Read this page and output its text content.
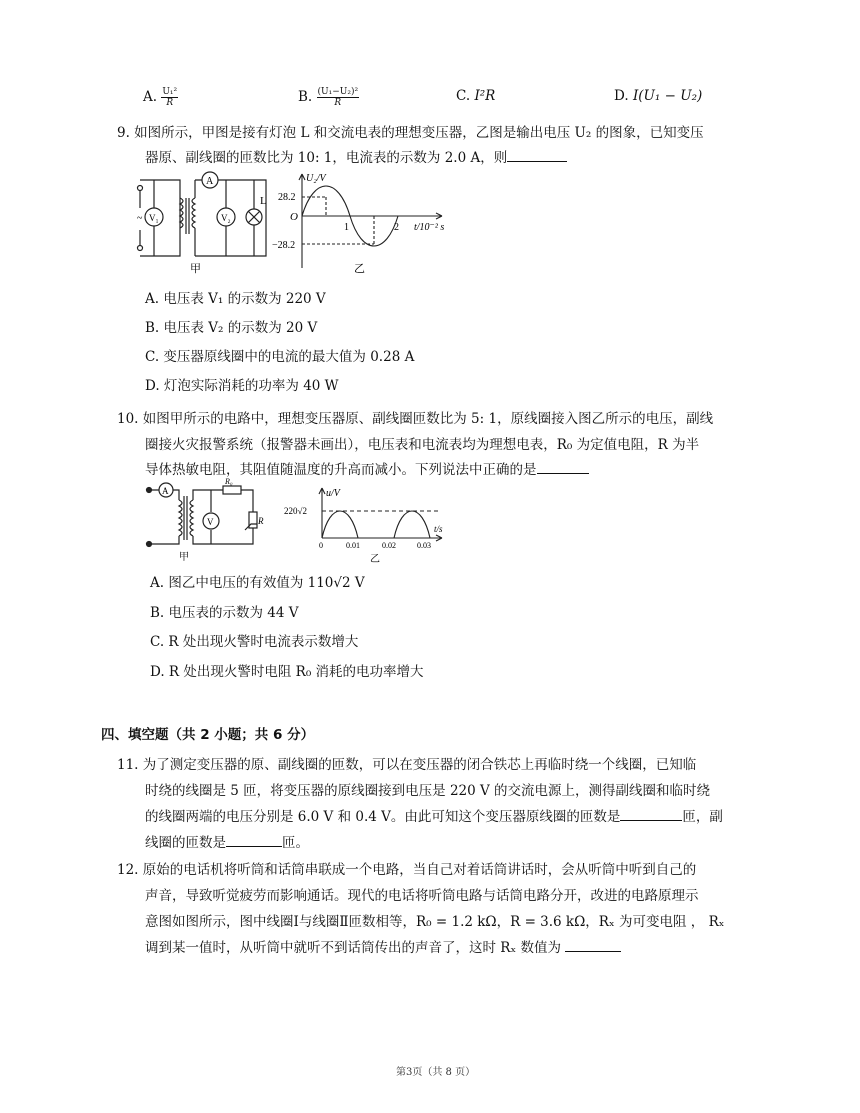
A. $\frac{\text{U₁²}}{R}$	B. $\frac{\text{(U₁−U₂)²}}{R}$	C. I²R	D. I(U₁ − U₂)
9. 如图所示，甲图是接有灯泡 L 和交流电表的理想变压器，乙图是输出电压 U₂ 的图象，已知变压
器原、副线圈的匝数比为 10: 1，电流表的示数为 2.0 A，则
~ V₁	V₂
A
L
甲
U₂/V
28.2
−28.2
O
1	2 t/10⁻² s
乙
A. 电压表 V₁ 的示数为 220 V
B. 电压表 V₂ 的示数为 20 V
C. 变压器原线圈中的电流的最大值为 0.28 A
D. 灯泡实际消耗的功率为 40 W
10. 如图甲所示的电路中，理想变压器原、副线圈匝数比为 5: 1，原线圈接入图乙所示的电压，副线
圈接火灾报警系统（报警器未画出），电压表和电流表均为理想电表，R₀ 为定值电阻，R 为半
导体热敏电阻，其阻值随温度的升高而减小。下列说法中正确的是
A
V
R₀
R
甲
u/V
220√2
t/s
0	0.01	0.02	0.03
乙
A. 图乙中电压的有效值为 110√2 V
B. 电压表的示数为 44 V
C. R 处出现火警时电流表示数增大
D. R 处出现火警时电阻 R₀ 消耗的电功率增大
四、填空题（共 2 小题；共 6 分）
11. 为了测定变压器的原、副线圈的匝数，可以在变压器的闭合铁芯上再临时绕一个线圈，已知临
时绕的线圈是 5 匝，将变压器的原线圈接到电压是 220 V 的交流电源上，测得副线圈和临时绕
的线圈两端的电压分别是 6.0 V 和 0.4 V。由此可知这个变压器原线圈的匝数是	匝，副
线圈的匝数是	匝。
12. 原始的电话机将听筒和话筒串联成一个电路，当自己对着话筒讲话时，会从听筒中听到自己的
声音，导致听觉疲劳而影响通话。现代的电话将听筒电路与话筒电路分开，改进的电路原理示
意图如图所示，图中线圈Ⅰ与线圈Ⅱ匝数相等，R₀ = 1.2 kΩ，R = 3.6 kΩ，Rₓ 为可变电阻 ， Rₓ
调到某一值时，从听筒中就听不到话筒传出的声音了，这时 Rₓ 数值为
第3页（共 8 页）
